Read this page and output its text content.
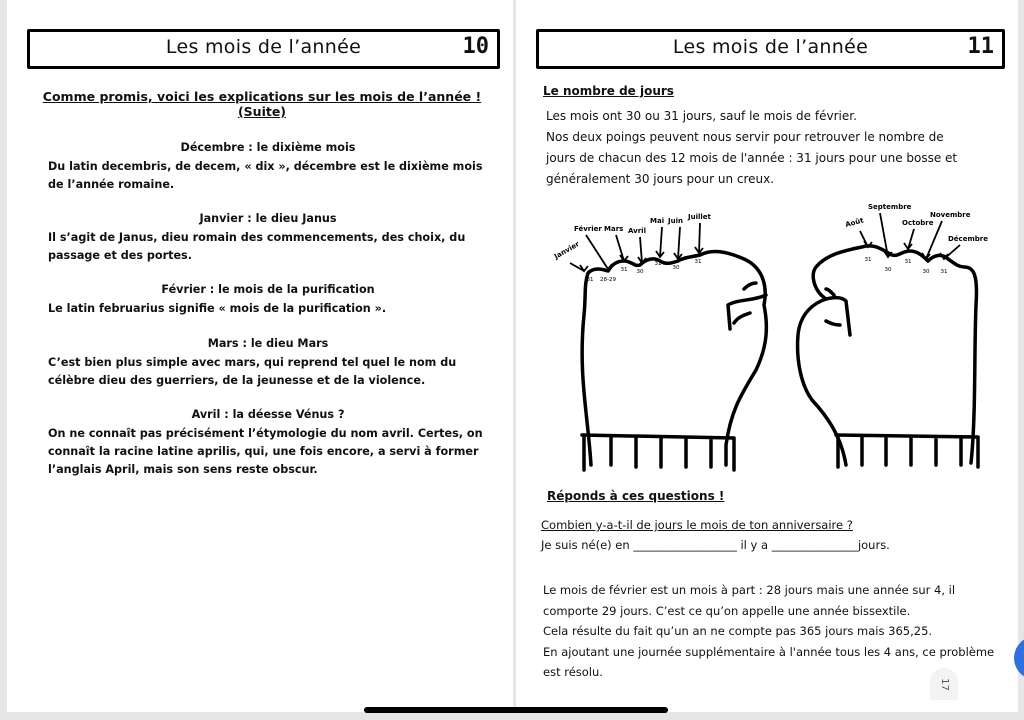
Les mois de l’année	10
Comme promis, voici les explications sur les mois de l’année ! (Suite)
Décembre : le dixième mois
Du latin decembris, de decem, « dix », décembre est le dixième mois de l’année romaine.
Janvier : le dieu Janus
Il s’agit de Janus, dieu romain des commencements, des choix, du passage et des portes.
Février : le mois de la purification
Le latin februarius signifie « mois de la purification ».
Mars : le dieu Mars
C’est bien plus simple avec mars, qui reprend tel quel le nom du célèbre dieu des guerriers, de la jeunesse et de la violence.
Avril : la déesse Vénus ?
On ne connaît pas précisément l’étymologie du nom avril. Certes, on connaît la racine latine aprilis, qui, une fois encore, a servi à former l’anglais April, mais son sens reste obscur.
Les mois de l’année	11
Le nombre de jours
Les mois ont 30 ou 31 jours, sauf le mois de février.
Nos deux poings peuvent nous servir pour retrouver le nombre de
jours de chacun des 12 mois de l'année : 31 jours pour une bosse et
généralement 30 jours pour un creux.
Janvier
31
Février
28-29
Mars
31
Avril
30
Mai
31
Juin
30
Juillet
31
Août
31
Septembre
30
Octobre
31
Novembre
30
Décembre
31
Réponds à ces questions !
Combien y-a-t-il de jours le mois de ton anniversaire ?
Je suis né(e) en __________________ il y a _______________jours.
Le mois de février est un mois à part : 28 jours mais une année sur 4, il
comporte 29 jours. C’est ce qu’on appelle une année bissextile.
Cela résulte du fait qu’un an ne compte pas 365 jours mais 365,25.
En ajoutant une journée supplémentaire à l'année tous les 4 ans, ce problème
est résolu.
17
